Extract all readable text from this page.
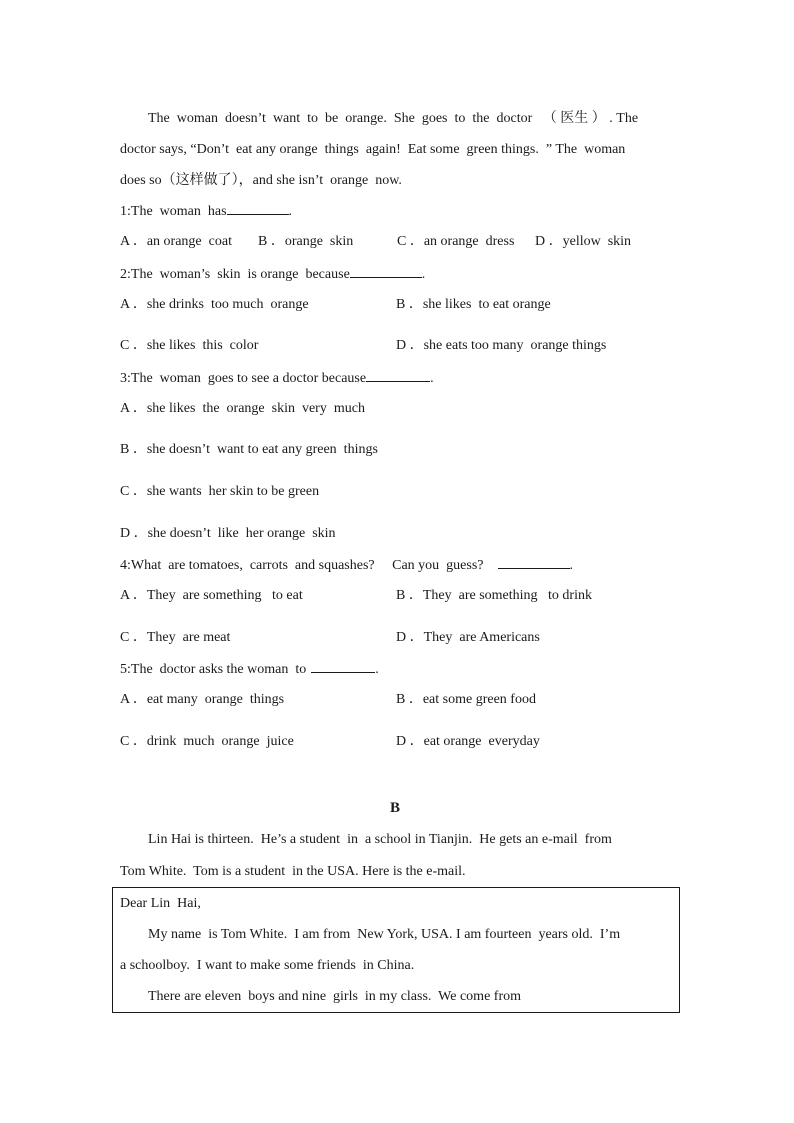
The  woman  doesn’t  want  to  be  orange.  She  goes  to  the  doctor   （ 医生 ） . The
doctor says, “Don’t  eat any orange  things  again!  Eat some  green things.  ” The  woman
does so（这样做了），and she isn’t  orange  now.
1:The  woman  has	.
A ．an orange  coat B ．orange  skin	C ．an orange  dress D ．yellow  skin
2:The  woman’s  skin  is orange  because	.
A ．she drinks  too much  orange	B ．she likes  to eat orange
C ．she likes  this  color	D ．she eats too many  orange things
3:The  woman  goes to see a doctor because	.
A ．she likes  the  orange  skin  very  much
B ．she doesn’t  want to eat any green  things
C ．she wants  her skin to be green
D ．she doesn’t  like  her orange  skin
4:What  are tomatoes,  carrots  and squashes?     Can you  guess?	.
A ．They  are something   to eat	B ．They  are something   to drink
C ．They  are meat	D ．They  are Americans
5:The  doctor asks the woman  to	.
A ．eat many  orange  things	B ．eat some green food
C ．drink  much  orange  juice	D ．eat orange  everyday
B
Lin Hai is thirteen.  He’s a student  in  a school in Tianjin.  He gets an e-mail  from
Tom White.  Tom is a student  in the USA. Here is the e-mail.
Dear Lin  Hai,
My name  is Tom White.  I am from  New York, USA. I am fourteen  years old.  I’m
a schoolboy.  I want to make some friends  in China.
There are eleven  boys and nine  girls  in my class.  We come from
